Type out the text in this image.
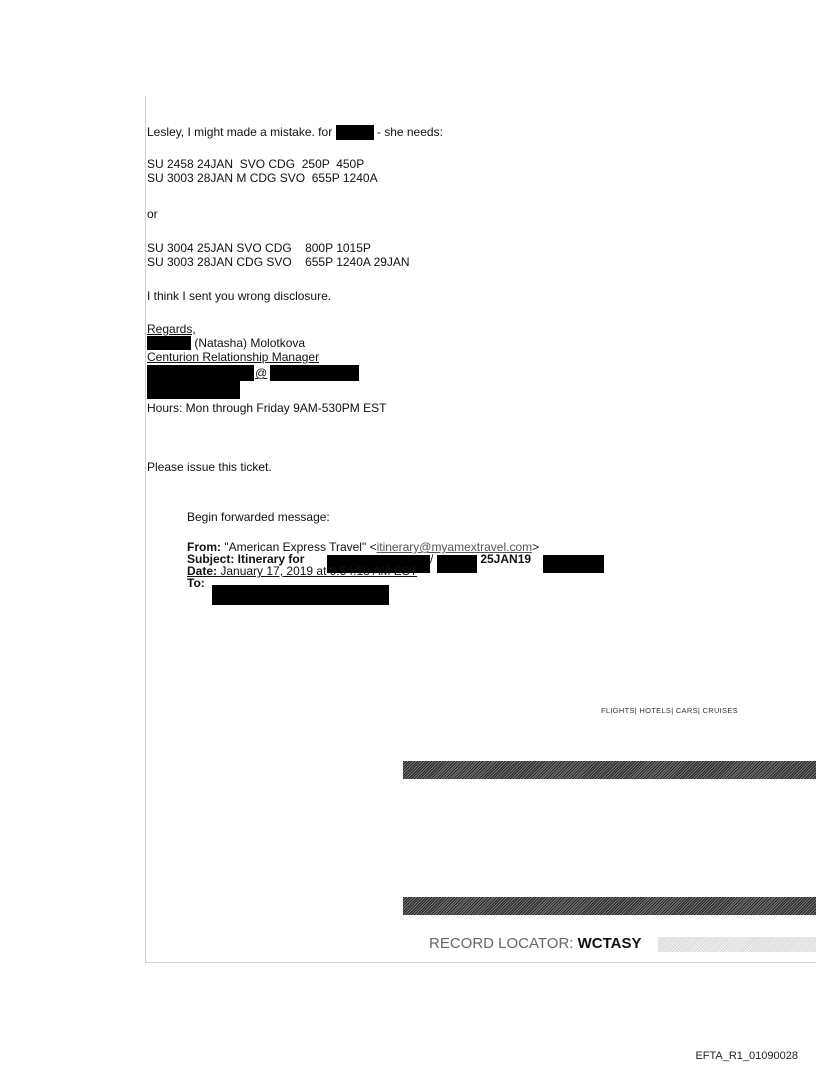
Lesley, I might made a mistake. for	- she needs:
SU 2458 24JAN  SVO CDG  250P  450P
SU 3003 28JAN M CDG SVO  655P 1240A
or
SU 3004 25JAN SVO CDG    800P 1015P
SU 3003 28JAN CDG SVO    655P 1240A 29JAN
I think I sent you wrong disclosure.
Regards,
(Natasha) Molotkova
Centurion Relationship Manager
@
Hours: Mon through Friday 9AM-530PM EST
Please issue this ticket.
Begin forwarded message:
From: "American Express Travel" <itinerary@myamextravel.com>
Subject: Itinerary for	/	25JAN19
Date: January 17, 2019 at 9:54:18 AM EST
To:
FLIGHTS| HOTELS| CARS| CRUISES
RECORD LOCATOR: WCTASY
EFTA_R1_01090028
